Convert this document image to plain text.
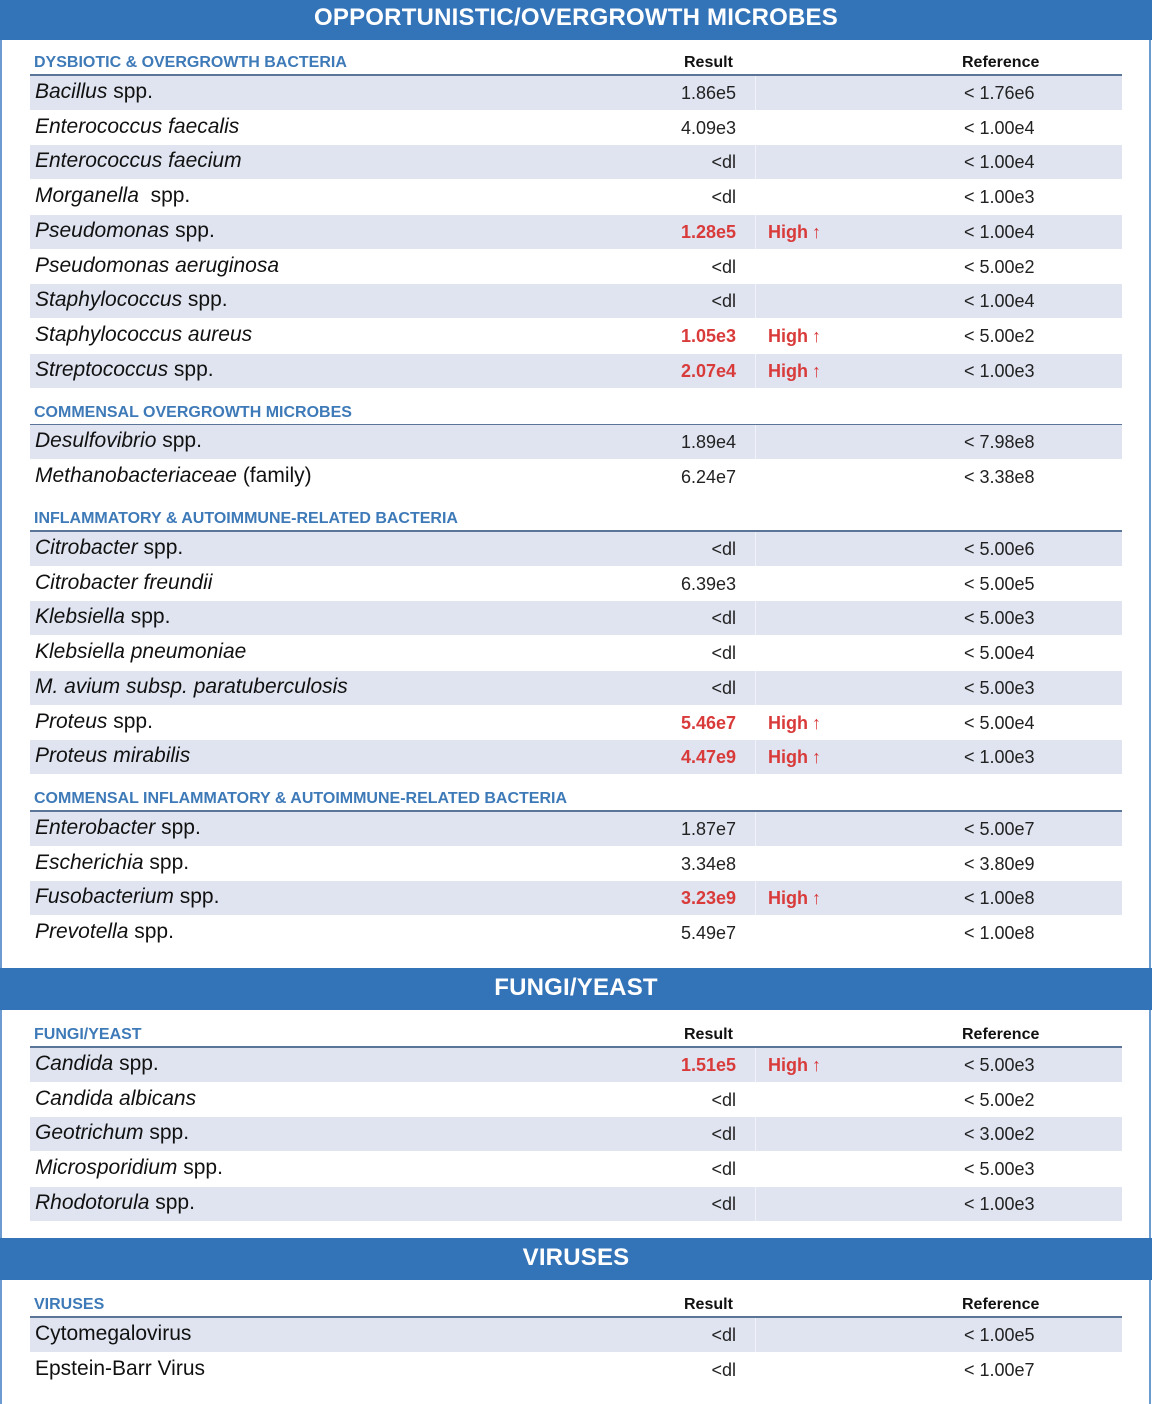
OPPORTUNISTIC/OVERGROWTH MICROBES
DYSBIOTIC & OVERGROWTH BACTERIA	Result	Reference
Bacillus spp.	1.86e5	< 1.76e6
Enterococcus faecalis	4.09e3	< 1.00e4
Enterococcus faecium	<dl	< 1.00e4
Morganella  spp.	<dl	< 1.00e3
Pseudomonas spp.	1.28e5 High ↑	< 1.00e4
Pseudomonas aeruginosa	<dl	< 5.00e2
Staphylococcus spp.	<dl	< 1.00e4
Staphylococcus aureus	1.05e3 High ↑	< 5.00e2
Streptococcus spp.	2.07e4 High ↑	< 1.00e3
COMMENSAL OVERGROWTH MICROBES
Desulfovibrio spp.	1.89e4	< 7.98e8
Methanobacteriaceae (family)	6.24e7	< 3.38e8
INFLAMMATORY & AUTOIMMUNE-RELATED BACTERIA
Citrobacter spp.	<dl	< 5.00e6
Citrobacter freundii	6.39e3	< 5.00e5
Klebsiella spp.	<dl	< 5.00e3
Klebsiella pneumoniae	<dl	< 5.00e4
M. avium subsp. paratuberculosis	<dl	< 5.00e3
Proteus spp.	5.46e7 High ↑	< 5.00e4
Proteus mirabilis	4.47e9 High ↑	< 1.00e3
COMMENSAL INFLAMMATORY & AUTOIMMUNE-RELATED BACTERIA
Enterobacter spp.	1.87e7	< 5.00e7
Escherichia spp.	3.34e8	< 3.80e9
Fusobacterium spp.	3.23e9 High ↑	< 1.00e8
Prevotella spp.	5.49e7	< 1.00e8
FUNGI/YEAST
FUNGI/YEAST	Result	Reference
Candida spp.	1.51e5 High ↑	< 5.00e3
Candida albicans	<dl	< 5.00e2
Geotrichum spp.	<dl	< 3.00e2
Microsporidium spp.	<dl	< 5.00e3
Rhodotorula spp.	<dl	< 1.00e3
VIRUSES
VIRUSES	Result	Reference
Cytomegalovirus	<dl	< 1.00e5
Epstein-Barr Virus	<dl	< 1.00e7
